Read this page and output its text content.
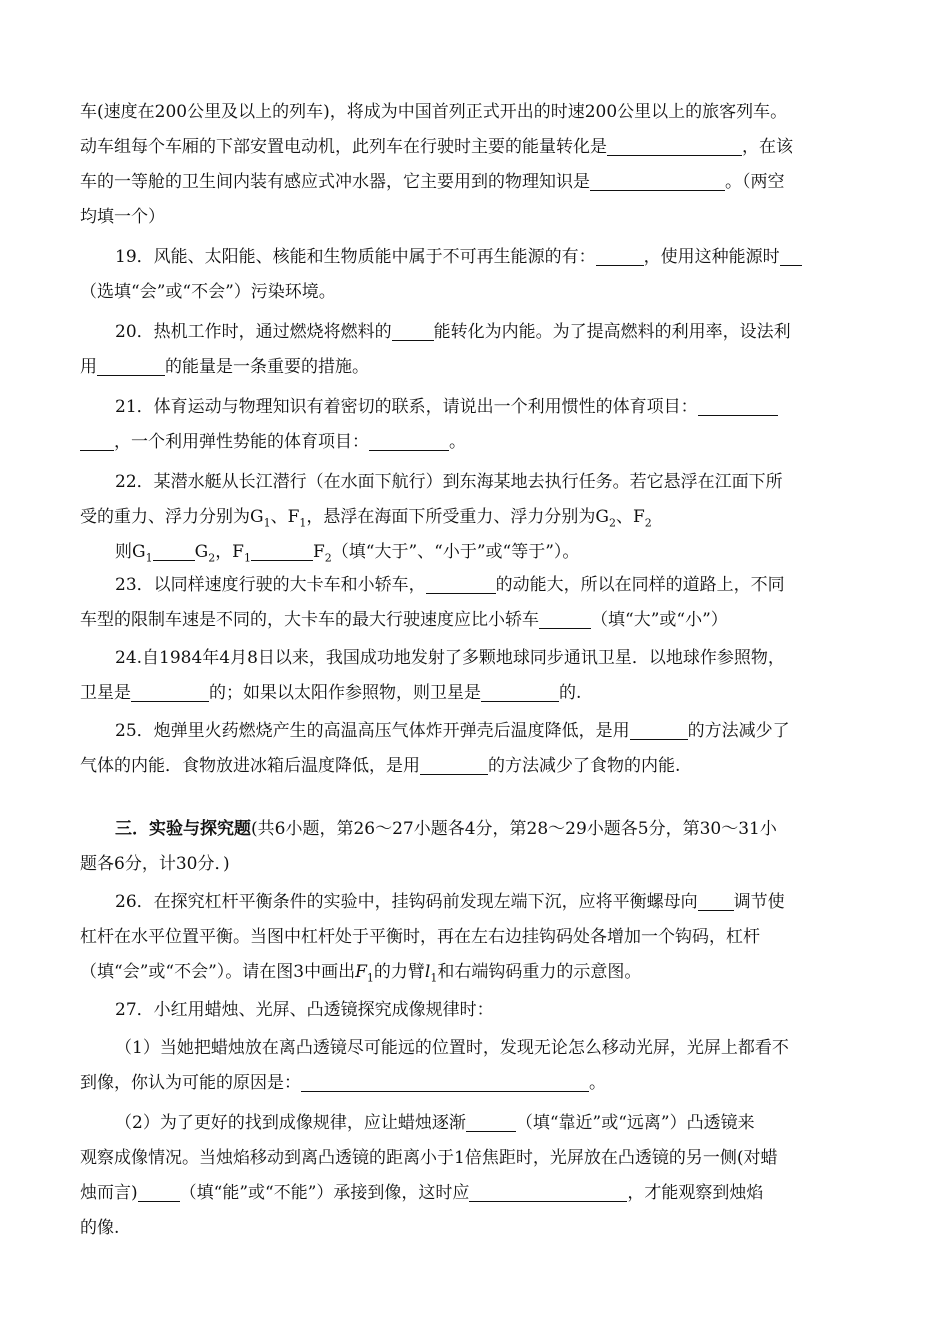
车(速度在200公里及以上的列车)，将成为中国首列正式开出的时速200公里以上的旅客列车。
动车组每个车厢的下部安置电动机，此列车在行驶时主要的能量转化是	，在该
车的一等舱的卫生间内装有感应式冲水器，它主要用到的物理知识是	。（两空
均填一个）
19．风能、太阳能、核能和生物质能中属于不可再生能源的有：	，使用这种能源时
（选填“会”或“不会”）污染环境。
20．热机工作时，通过燃烧将燃料的 能转化为内能。为了提高燃料的利用率，设法利
用	的能量是一条重要的措施。
21．体育运动与物理知识有着密切的联系，请说出一个利用惯性的体育项目：
，一个利用弹性势能的体育项目：	。
22．某潜水艇从长江潜行（在水面下航行）到东海某地去执行任务。若它悬浮在江面下所
受的重力、浮力分别为$G_1$、$F_1$，悬浮在海面下所受重力、浮力分别为$G_2$、$F_2$
则$G_1$ $G_2$，$F_1$	$F_2$（填“大于”、“小于”或“等于”）。
23．以同样速度行驶的大卡车和小轿车，	的动能大，所以在同样的道路上，不同
车型的限制车速是不同的，大卡车的最大行驶速度应比小轿车	（填“大”或“小”）
24.自1984年4月8日以来，我国成功地发射了多颗地球同步通讯卫星．以地球作参照物，
卫星是	的；如果以太阳作参照物，则卫星是	的.
25．炮弹里火药燃烧产生的高温高压气体炸开弹壳后温度降低，是用	的方法减少了
气体的内能．食物放进冰箱后温度降低，是用	的方法减少了食物的内能.
三．实验与探究题(共6小题，第26～27小题各4分，第28～29小题各5分，第30～31小
题各6分，计30分．)
26．在探究杠杆平衡条件的实验中，挂钩码前发现左端下沉，应将平衡螺母向 调节使
杠杆在水平位置平衡。当图中杠杆处于平衡时，再在左右边挂钩码处各增加一个钩码，杠杆
（填“会”或“不会”）。请在图3中画出$F_1$的力臂$l_1$和右端钩码重力的示意图。
27．小红用蜡烛、光屏、凸透镜探究成像规律时：
（1）当她把蜡烛放在离凸透镜尽可能远的位置时，发现无论怎么移动光屏，光屏上都看不
到像，你认为可能的原因是：	。
（2）为了更好的找到成像规律，应让蜡烛逐渐	（填“靠近”或“远离”）凸透镜来
观察成像情况。当烛焰移动到离凸透镜的距离小于1倍焦距时，光屏放在凸透镜的另一侧(对蜡
烛而言) （填“能”或“不能”）承接到像，这时应	，才能观察到烛焰
的像.
